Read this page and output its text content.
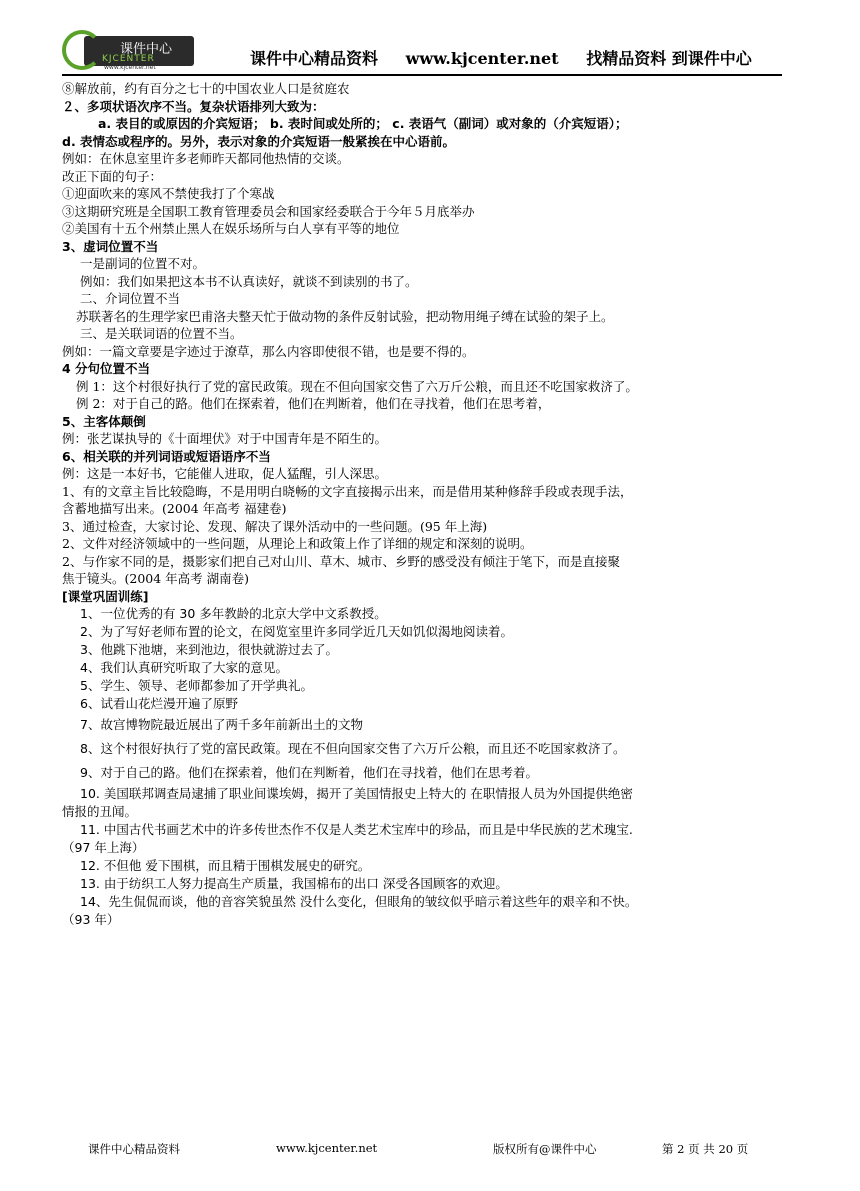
课件中心
KJCENTER
www.kjcenter.net	课件中心精品资料 www.kjcenter.net 找精品资料 到课件中心
⑧解放前，约有百分之七十的中国农业人口是贫庭农
２、多项状语次序不当。复杂状语排列大致为：
a. 表目的或原因的介宾短语； b. 表时间或处所的； c. 表语气（副词）或对象的（介宾短语）；
d. 表情态或程序的。另外，表示对象的介宾短语一般紧挨在中心语前。
例如：在休息室里许多老师昨天都同他热情的交谈。
改正下面的句子：
①迎面吹来的寒风不禁使我打了个寒战
③这期研究班是全国职工教育管理委员会和国家经委联合于今年５月底举办
②美国有十五个州禁止黑人在娱乐场所与白人享有平等的地位
3、虚词位置不当
一是副词的位置不对。
例如：我们如果把这本书不认真读好，就谈不到读别的书了。
二、介词位置不当
苏联著名的生理学家巴甫洛夫整天忙于做动物的条件反射试验，把动物用绳子缚在试验的架子上。
三、是关联词语的位置不当。
例如：一篇文章要是字迹过于潦草，那么内容即使很不错，也是要不得的。
4 分句位置不当
例 1：这个村很好执行了党的富民政策。现在不但向国家交售了六万斤公粮，而且还不吃国家救济了。
例 2：对于自己的路。他们在探索着，他们在判断着，他们在寻找着，他们在思考着，
5、主客体颠倒
例：张艺谋执导的《十面埋伏》对于中国青年是不陌生的。
6、相关联的并列词语或短语语序不当
例：这是一本好书，它能催人进取，促人猛醒，引人深思。
1、有的文章主旨比较隐晦，不是用明白晓畅的文字直接揭示出来，而是借用某种修辞手段或表现手法，
含蓄地描写出来。(2004 年高考 福建卷)
3、通过检查，大家讨论、发现、解决了课外活动中的一些问题。(95 年上海)
2、文件对经济领域中的一些问题，从理论上和政策上作了详细的规定和深刻的说明。
2、与作家不同的是，摄影家们把自己对山川、草木、城市、乡野的感受没有倾注于笔下，而是直接聚
焦于镜头。(2004 年高考 湖南卷)
[课堂巩固训练]
1、一位优秀的有 30 多年教龄的北京大学中文系教授。
2、为了写好老师布置的论文，在阅览室里许多同学近几天如饥似渴地阅读着。
3、他跳下池塘，来到池边，很快就游过去了。
4、我们认真研究听取了大家的意见。
5、学生、领导、老师都参加了开学典礼。
6、试看山花烂漫开遍了原野
7、故宫博物院最近展出了两千多年前新出土的文物
8、这个村很好执行了党的富民政策。现在不但向国家交售了六万斤公粮，而且还不吃国家救济了。
9、对于自己的路。他们在探索着，他们在判断着，他们在寻找着，他们在思考着。
10. 美国联邦调查局逮捕了职业间谍埃姆，揭开了美国情报史上特大的 在职情报人员为外国提供绝密
情报的丑闻。
11. 中国古代书画艺术中的许多传世杰作不仅是人类艺术宝库中的珍品，而且是中华民族的艺术瑰宝.
（97 年上海）
12. 不但他 爱下围棋，而且精于围棋发展史的研究。
13. 由于纺织工人努力提高生产质量，我国棉布的出口 深受各国顾客的欢迎。
14、先生侃侃而谈，他的音容笑貌虽然 没什么变化，但眼角的皱纹似乎暗示着这些年的艰辛和不快。
（93 年）
课件中心精品资料	www.kjcenter.net	版权所有@课件中心	第 2 页 共 20 页
